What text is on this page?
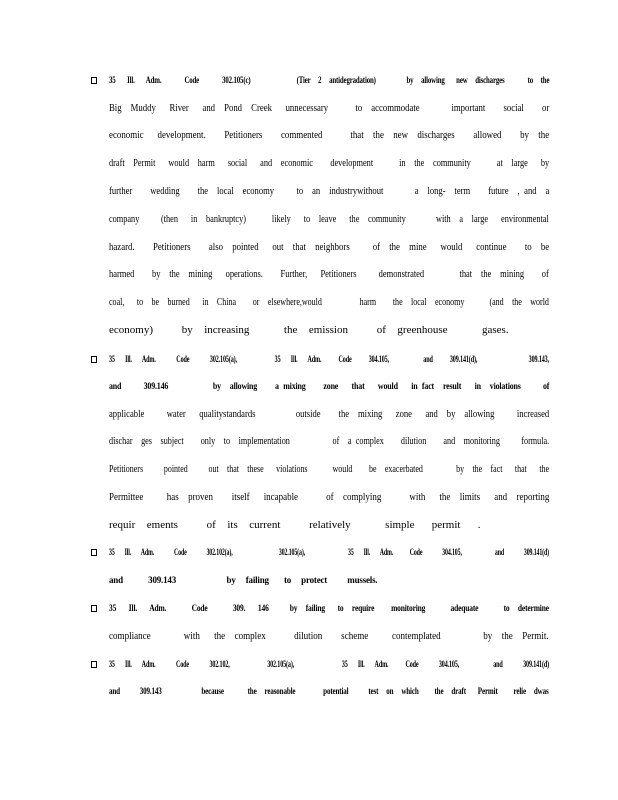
35   Ill.   Adm.      Code      302.105(c)            (Tier  2  antidegradation)        by  allowing   new  discharges      to  the
Big  Muddy   River   and  Pond  Creek   unnecessary      to  accommodate       important    social    or
economic   development.    Petitioners    commented      that  the  new  discharges    allowed    by  the
draft  Permit   would  harm   social   and  economic    development      in  the  community      at  large   by
further    wedding    the  local  economy     to  an  industrywithout       a  long-  term    future  , and  a
company     (then   in  bankruptcy)      likely   to  leave   the  community       with  a  large   environmental
hazard.    Petitioners    also  pointed   out  that  neighbors     of  the  mine   would   continue    to  be
harmed    by  the  mining   operations.    Further,   Petitioners     demonstrated        that  the  mining    of
coal,   to  be  burned   in  China    or  elsewhere,would         harm    the  local  economy      (and  the  world
economy)     by  increasing      the  emission     of  greenhouse      gases.
35   Ill.   Adm.      Code      302.105(a),           35   Ill.   Adm.     Code     304.105,          and     309.141(d),               309.143,
and     309.146          by  allowing    a mixing    zone   that   would   in fact  result   in  violations     of
applicable     water   qualitystandards         outside    the  mixing   zone   and  by  allowing     increased
dischar  ges  subject    only  to  implementation          of  a complex    dilution    and  monitoring     formula.
Petitioners     pointed     out  that  these   violations      would    be  exacerbated        by  the  fact   that   the
Permittee     has  proven    itself   incapable      of  complying      with   the  limits   and  reporting
requir  ements     of  its  current     relatively      simple   permit   .
35   Ill.   Adm.      Code      302.102(a),              302.105(a),             35   Ill.   Adm.     Code      304.105,          and      309.141(d)
and     309.143          by  failing   to  protect    mussels.
35   Ill.   Adm.      Code      309.   146     by  failing   to  require    monitoring      adequate      to  determine
compliance       with   the  complex      dilution    scheme     contemplated         by  the  Permit.
35   Ill.   Adm.      Code      302.102,           302.105(a),              35   Ill.   Adm.     Code      304.105,          and      309.141(d)
and     309.143          because      the  reasonable       potential     test  on  which    the  draft   Permit    relie  dwas
